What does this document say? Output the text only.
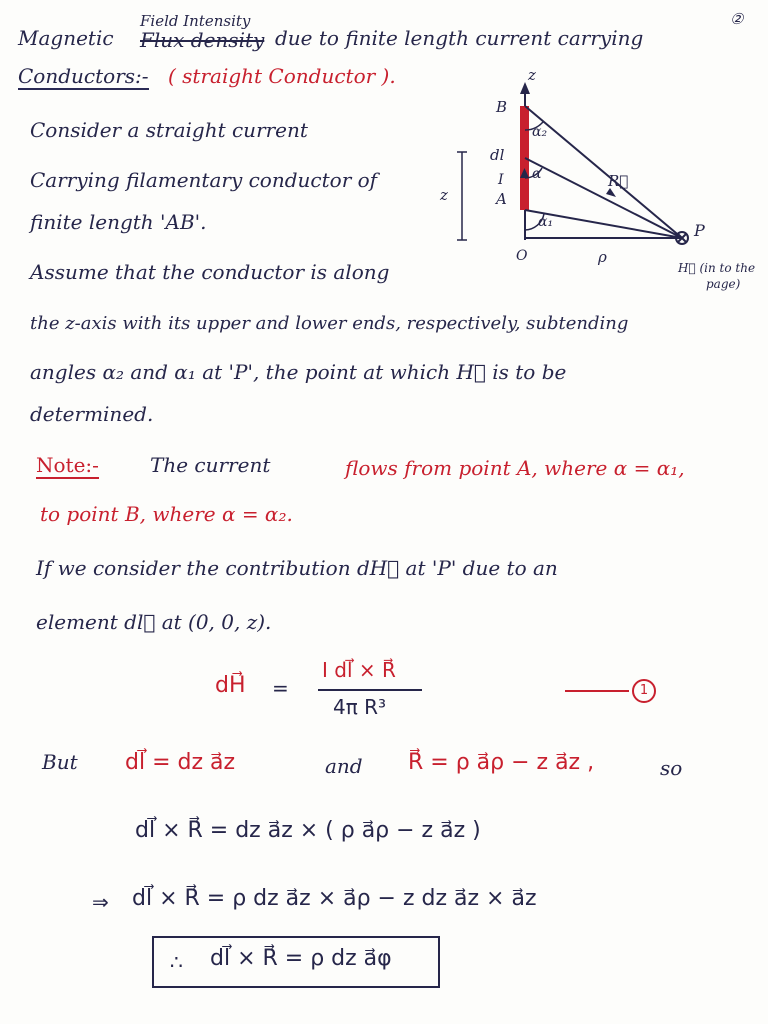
②
Magnetic
Field Intensity
Flux density due to finite length current carrying
Conductors:- ( straight Conductor ).
Consider a straight current
Carrying filamentary conductor of
finite length 'AB'.
Assume that the conductor is along
the z-axis with its upper and lower ends, respectively, subtending
angles α₂ and α₁ at 'P', the point at which H⃗ is to be
determined.
z
B
dl
I
A
O
P
ρ
R⃗
α₂
α
α₁
z
H⃗ (in to the
page)
Note:-	The current	flows from point A, where α = α₁,
to point B, where α = α₂.
If we consider the contribution dH⃗ at 'P' due to an
element dl⃗ at (0, 0, z).
dH⃗ =
I dl⃗ × R⃗
4π R³
1
But dl⃗ = dz a⃗z	and R⃗ = ρ a⃗ρ − z a⃗z ,	so
dl⃗ × R⃗ = dz a⃗z × ( ρ a⃗ρ − z a⃗z )
⇒ dl⃗ × R⃗ = ρ dz a⃗z × a⃗ρ − z dz a⃗z × a⃗z
∴ dl⃗ × R⃗ = ρ dz a⃗φ
